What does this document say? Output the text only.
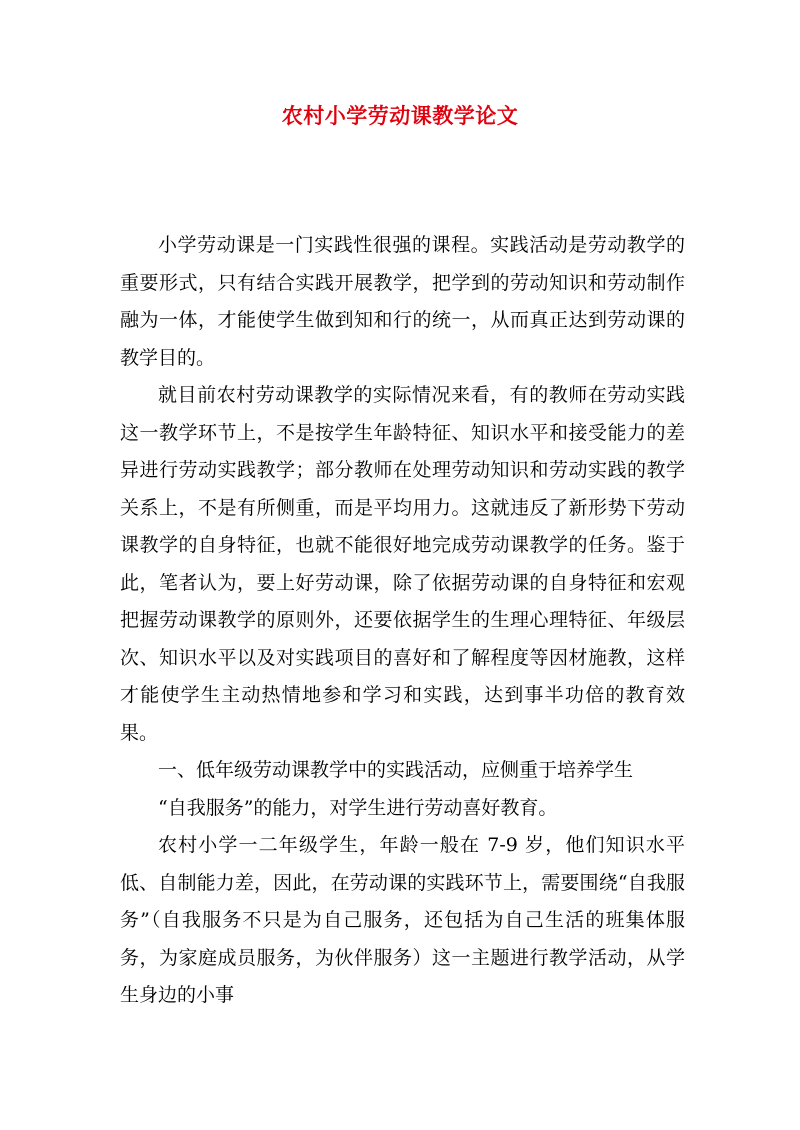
农村小学劳动课教学论文

小学劳动课是一门实践性很强的课程。实践活动是劳动教学的重要形式，只有结合实践开展教学，把学到的劳动知识和劳动制作融为一体，才能使学生做到知和行的统一，从而真正达到劳动课的教学目的。

就目前农村劳动课教学的实际情况来看，有的教师在劳动实践这一教学环节上，不是按学生年龄特征、知识水平和接受能力的差异进行劳动实践教学；部分教师在处理劳动知识和劳动实践的教学关系上，不是有所侧重，而是平均用力。这就违反了新形势下劳动课教学的自身特征，也就不能很好地完成劳动课教学的任务。鉴于此，笔者认为，要上好劳动课，除了依据劳动课的自身特征和宏观把握劳动课教学的原则外，还要依据学生的生理心理特征、年级层次、知识水平以及对实践项目的喜好和了解程度等因材施教，这样才能使学生主动热情地参和学习和实践，达到事半功倍的教育效果。

一、低年级劳动课教学中的实践活动，应侧重于培养学生

“自我服务”的能力，对学生进行劳动喜好教育。

农村小学一二年级学生，年龄一般在 7-9 岁，他们知识水平低、自制能力差，因此，在劳动课的实践环节上，需要围绕“自我服务”（自我服务不只是为自己服务，还包括为自己生活的班集体服务，为家庭成员服务，为伙伴服务）这一主题进行教学活动，从学生身边的小事
